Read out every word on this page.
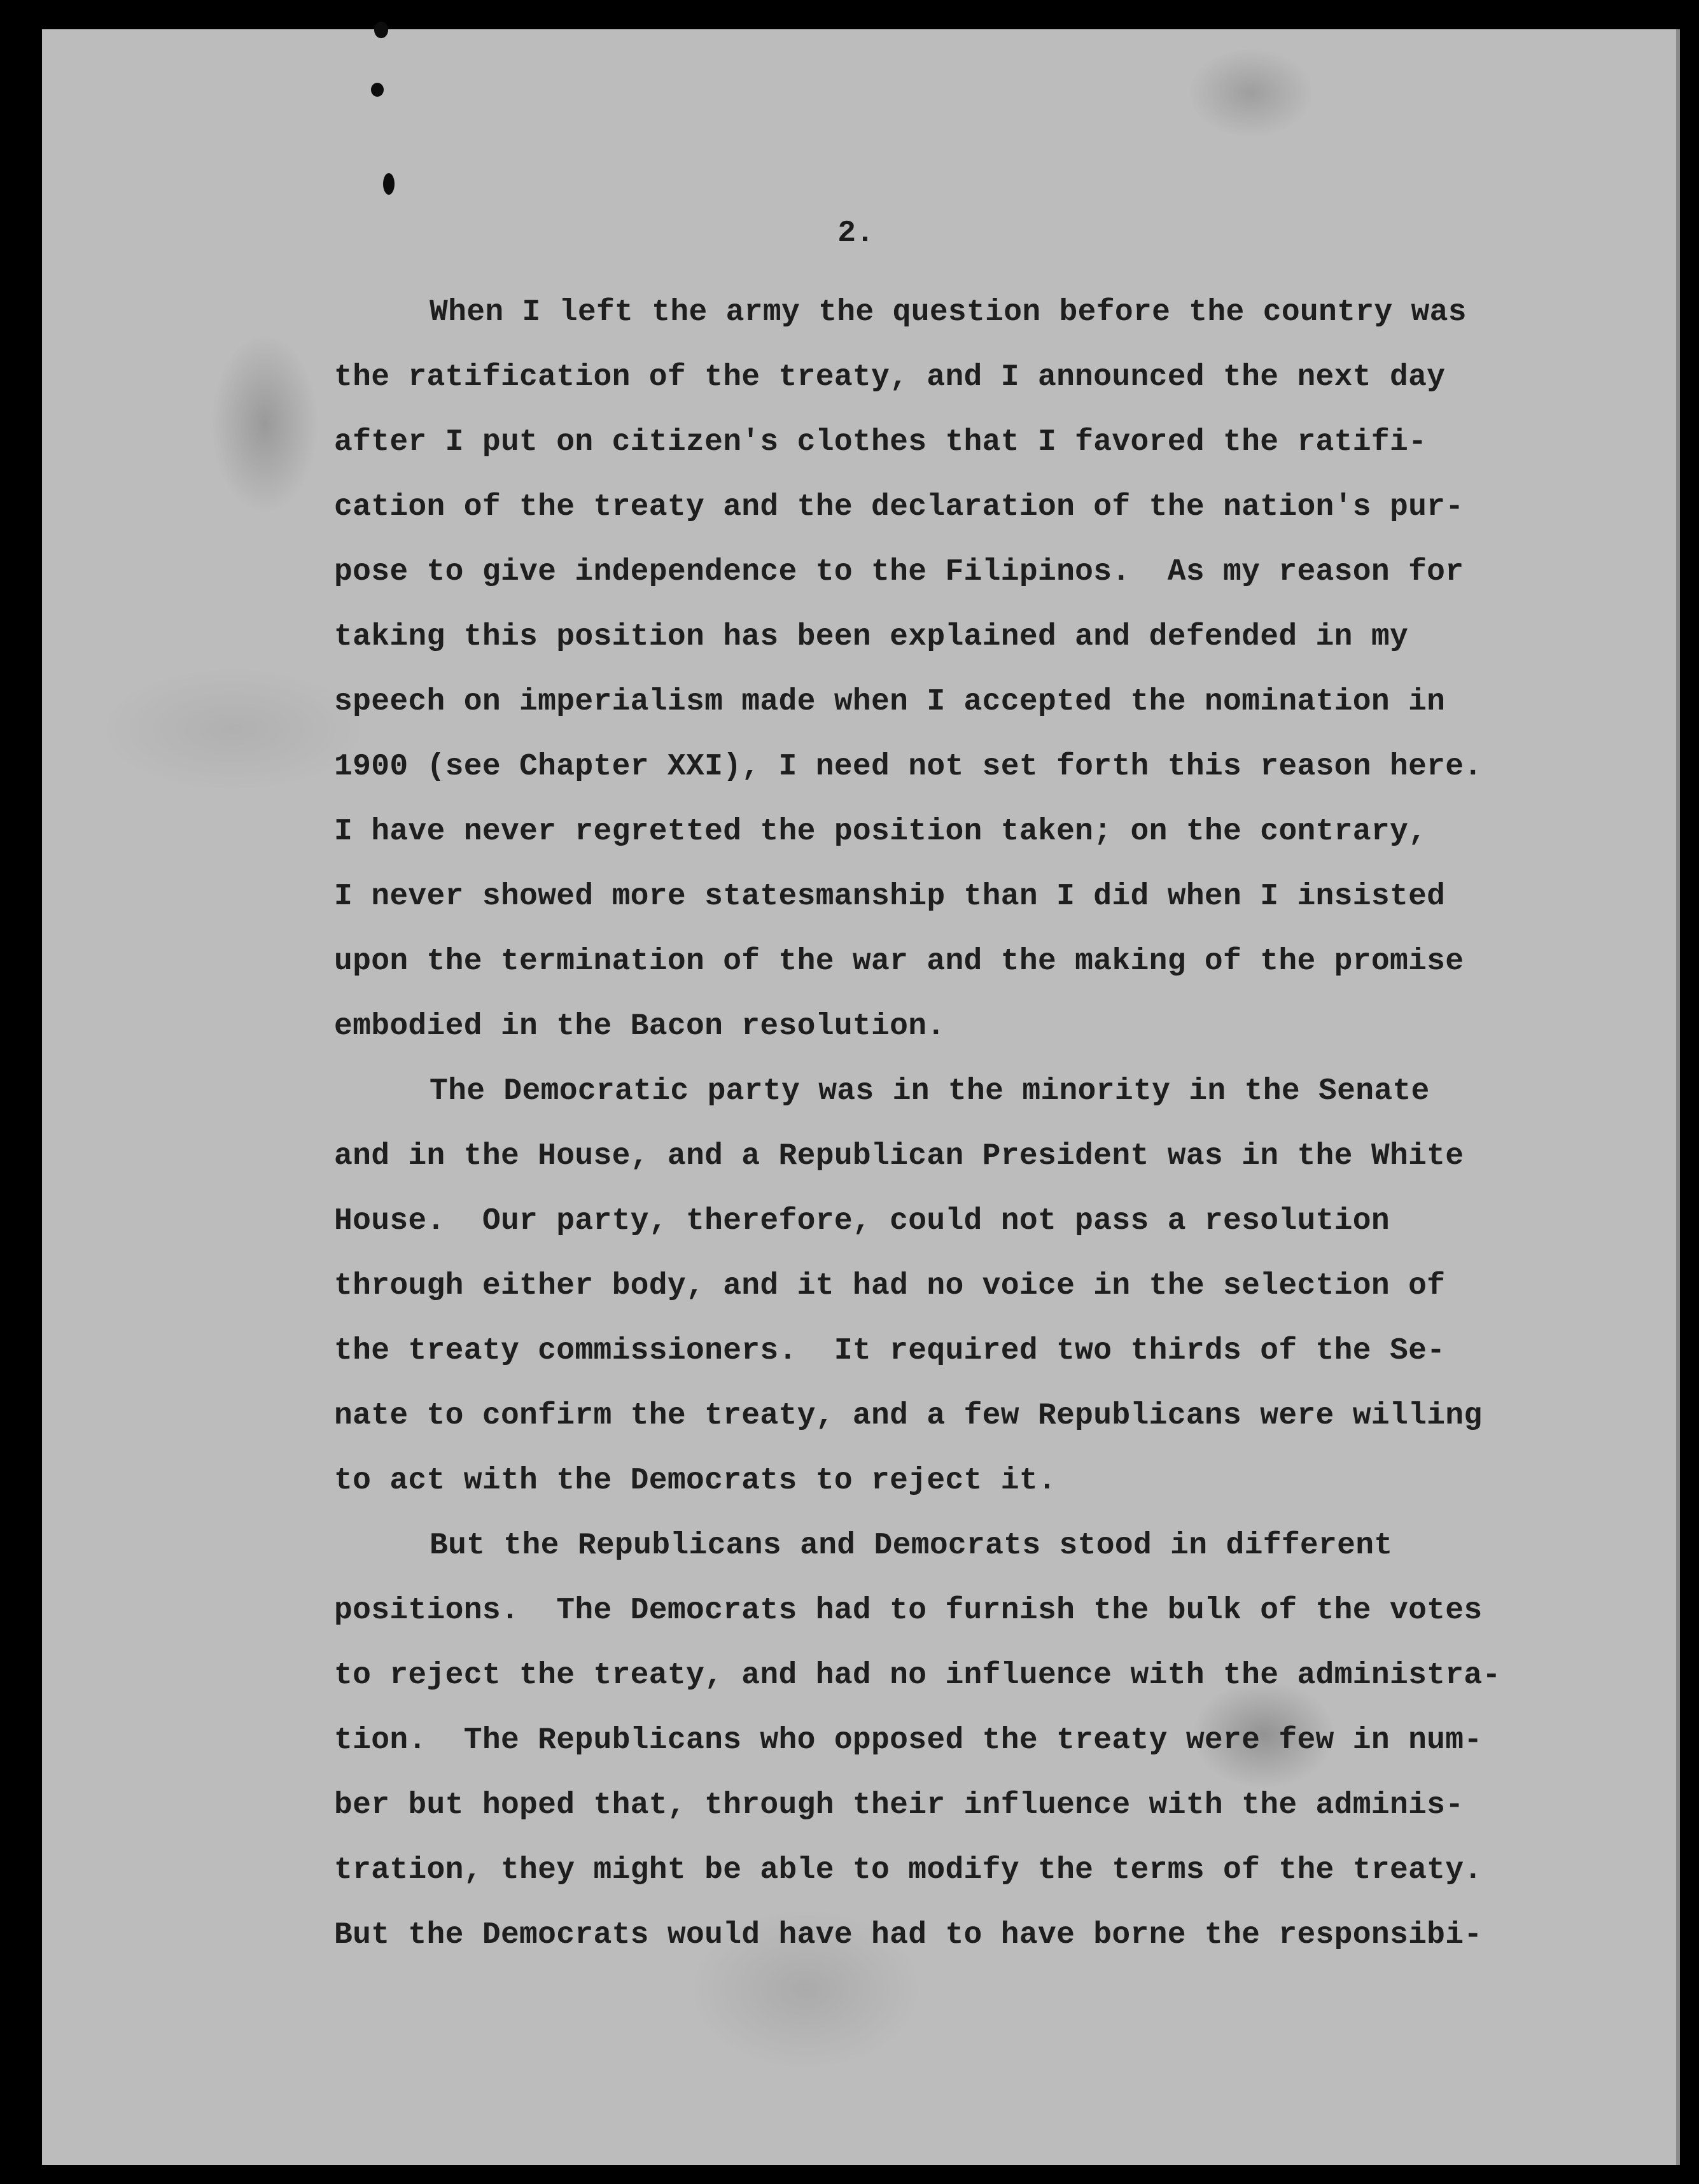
2.
When I left the army the question before the country was
the ratification of the treaty, and I announced the next day
after I put on citizen's clothes that I favored the ratifi-
cation of the treaty and the declaration of the nation's pur-
pose to give independence to the Filipinos.  As my reason for
taking this position has been explained and defended in my
speech on imperialism made when I accepted the nomination in
1900 (see Chapter XXI), I need not set forth this reason here.
I have never regretted the position taken; on the contrary,
I never showed more statesmanship than I did when I insisted
upon the termination of the war and the making of the promise
embodied in the Bacon resolution.
The Democratic party was in the minority in the Senate
and in the House, and a Republican President was in the White
House.  Our party, therefore, could not pass a resolution
through either body, and it had no voice in the selection of
the treaty commissioners.  It required two thirds of the Se-
nate to confirm the treaty, and a few Republicans were willing
to act with the Democrats to reject it.
But the Republicans and Democrats stood in different
positions.  The Democrats had to furnish the bulk of the votes
to reject the treaty, and had no influence with the administra-
tion.  The Republicans who opposed the treaty were few in num-
ber but hoped that, through their influence with the adminis-
tration, they might be able to modify the terms of the treaty.
But the Democrats would have had to have borne the responsibi-
